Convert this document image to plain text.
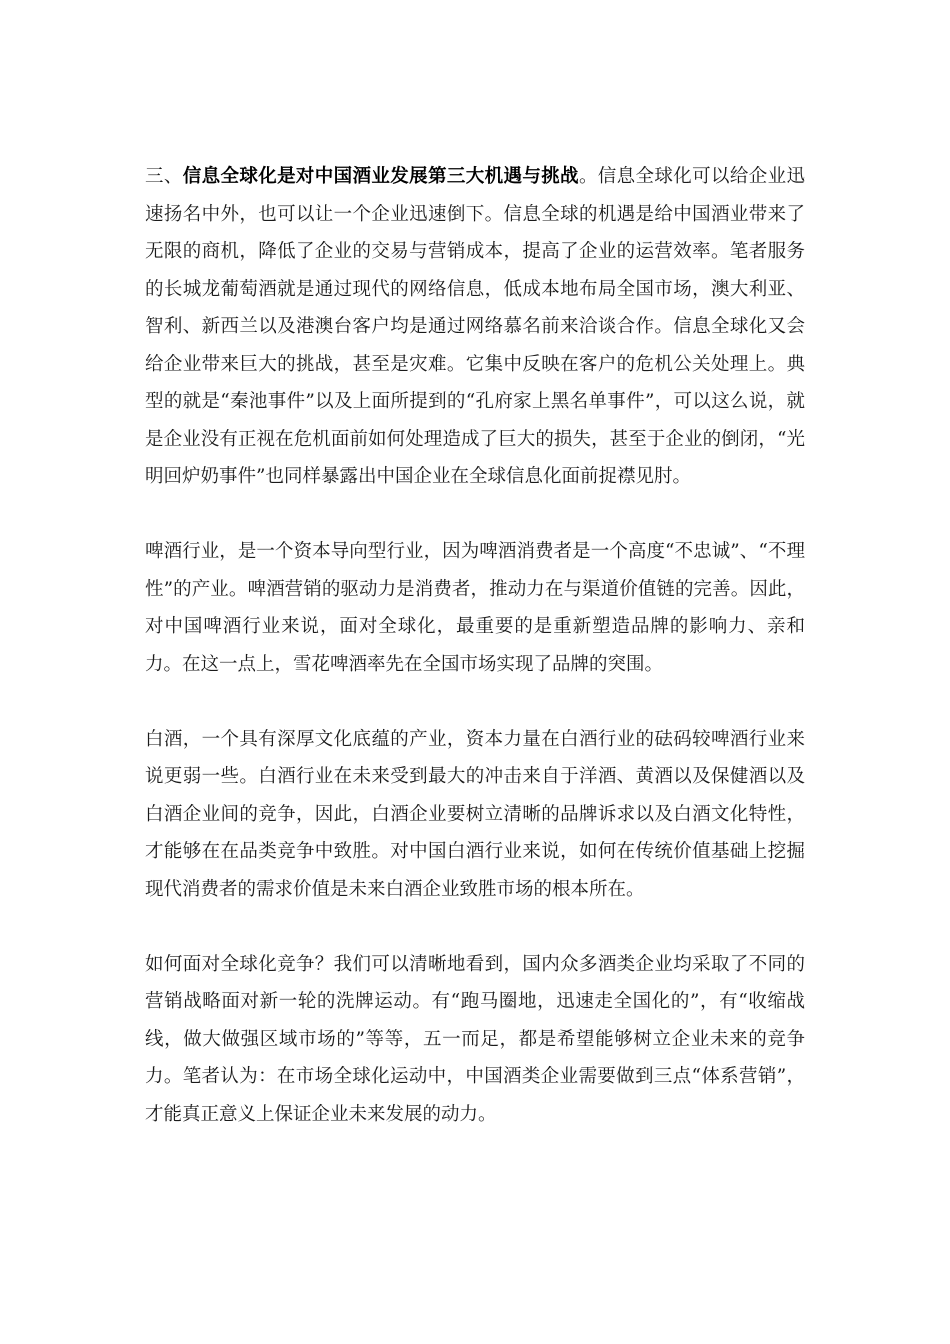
三、信息全球化是对中国酒业发展第三大机遇与挑战。信息全球化可以给企业迅速扬名中外，也可以让一个企业迅速倒下。信息全球的机遇是给中国酒业带来了无限的商机，降低了企业的交易与营销成本，提高了企业的运营效率。笔者服务的长城龙葡萄酒就是通过现代的网络信息，低成本地布局全国市场，澳大利亚、智利、新西兰以及港澳台客户均是通过网络慕名前来洽谈合作。信息全球化又会给企业带来巨大的挑战，甚至是灾难。它集中反映在客户的危机公关处理上。典型的就是“秦池事件”以及上面所提到的“孔府家上黑名单事件”，可以这么说，就是企业没有正视在危机面前如何处理造成了巨大的损失，甚至于企业的倒闭，“光明回炉奶事件”也同样暴露出中国企业在全球信息化面前捉襟见肘。

啤酒行业，是一个资本导向型行业，因为啤酒消费者是一个高度“不忠诚”、“不理性”的产业。啤酒营销的驱动力是消费者，推动力在与渠道价值链的完善。因此，对中国啤酒行业来说，面对全球化，最重要的是重新塑造品牌的影响力、亲和力。在这一点上，雪花啤酒率先在全国市场实现了品牌的突围。

白酒，一个具有深厚文化底蕴的产业，资本力量在白酒行业的砝码较啤酒行业来说更弱一些。白酒行业在未来受到最大的冲击来自于洋酒、黄酒以及保健酒以及白酒企业间的竞争，因此，白酒企业要树立清晰的品牌诉求以及白酒文化特性，才能够在在品类竞争中致胜。对中国白酒行业来说，如何在传统价值基础上挖掘现代消费者的需求价值是未来白酒企业致胜市场的根本所在。

如何面对全球化竞争？我们可以清晰地看到，国内众多酒类企业均采取了不同的营销战略面对新一轮的洗牌运动。有“跑马圈地，迅速走全国化的”，有“收缩战线，做大做强区域市场的”等等，五一而足，都是希望能够树立企业未来的竞争力。笔者认为：在市场全球化运动中，中国酒类企业需要做到三点“体系营销”，才能真正意义上保证企业未来发展的动力。
